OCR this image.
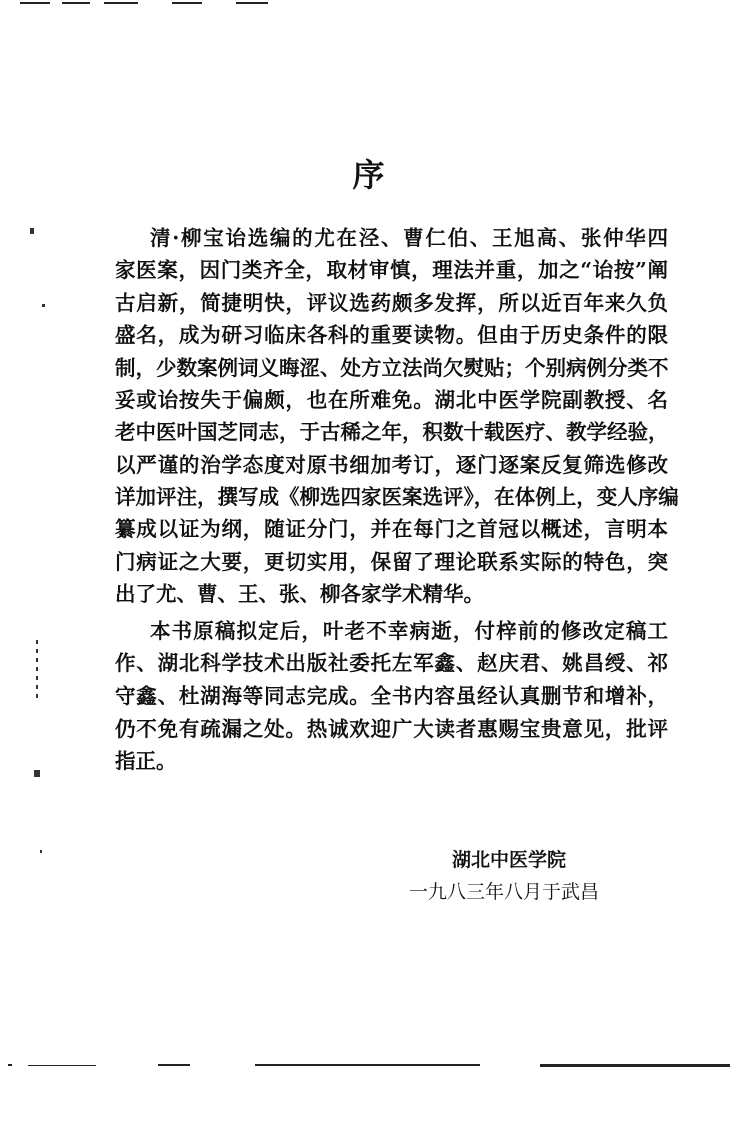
序
清·柳宝诒选编的尤在泾、曹仁伯、王旭高、张仲华四
家医案，因门类齐全，取材审慎，理法并重，加之“诒按”阐
古启新，简捷明快，评议选药颇多发挥，所以近百年来久负
盛名，成为研习临床各科的重要读物。但由于历史条件的限
制，少数案例词义晦涩、处方立法尚欠熨贴；个别病例分类不
妥或诒按失于偏颇，也在所难免。湖北中医学院副教授、名
老中医叶国芝同志，于古稀之年，积数十载医疗、教学经验，
以严谨的治学态度对原书细加考订，逐门逐案反复筛选修改
详加评注，撰写成《柳选四家医案选评》，在体例上，变人序编
纂成以证为纲，随证分门，并在每门之首冠以概述，言明本
门病证之大要，更切实用，保留了理论联系实际的特色，突
出了尤、曹、王、张、柳各家学术精华。
本书原稿拟定后，叶老不幸病逝，付梓前的修改定稿工
作、湖北科学技术出版社委托左军鑫、赵庆君、姚昌绶、祁
守鑫、杜湖海等同志完成。全书内容虽经认真删节和增补，
仍不免有疏漏之处。热诚欢迎广大读者惠赐宝贵意见，批评
指正。
湖北中医学院
一九八三年八月于武昌
